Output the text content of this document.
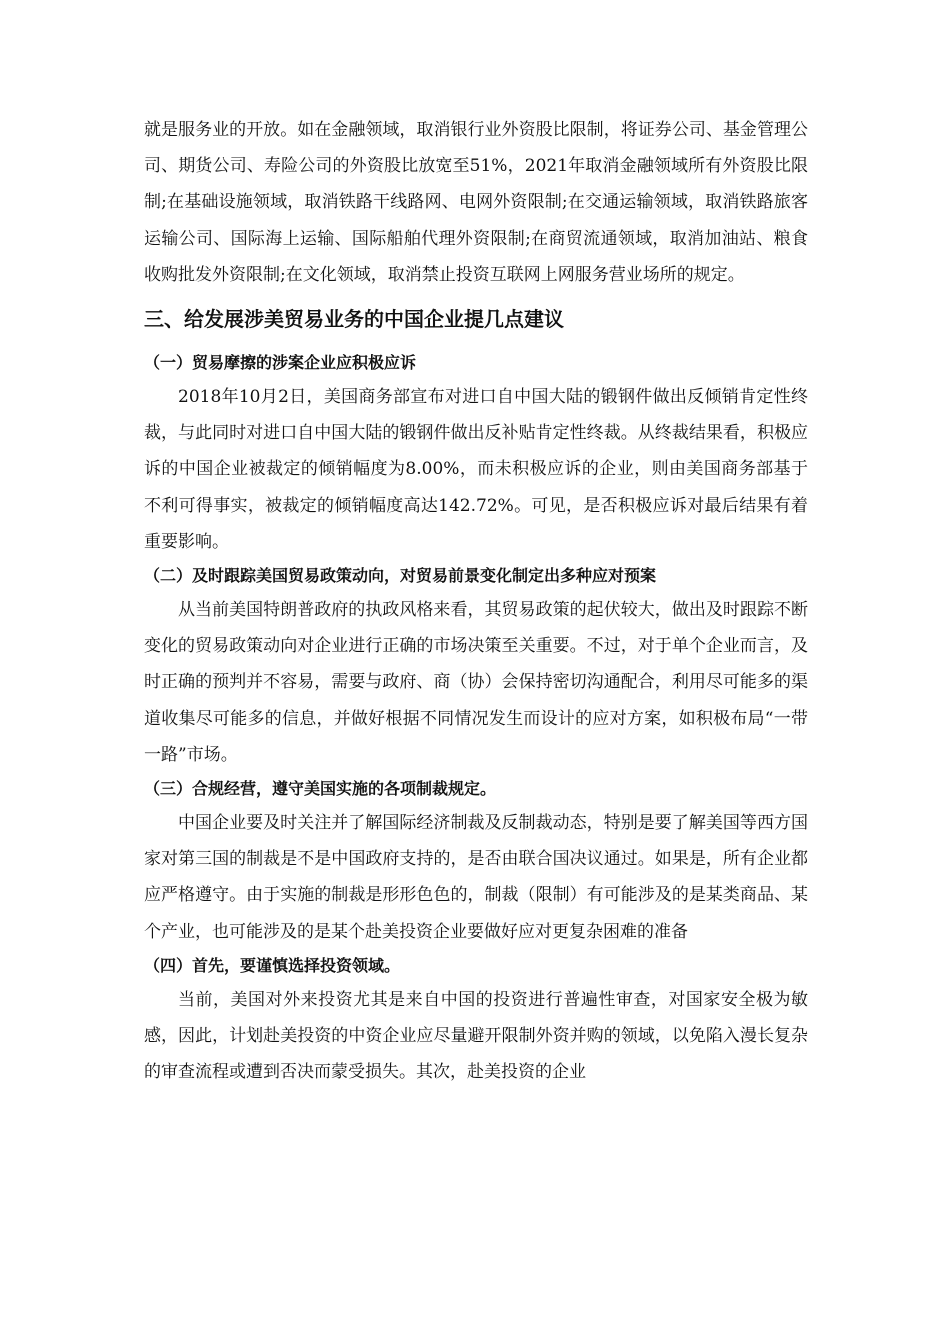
就是服务业的开放。如在金融领域，取消银行业外资股比限制，将证券公司、基金管理公司、期货公司、寿险公司的外资股比放宽至51%，2021年取消金融领域所有外资股比限制;在基础设施领域，取消铁路干线路网、电网外资限制;在交通运输领域，取消铁路旅客运输公司、国际海上运输、国际船舶代理外资限制;在商贸流通领域，取消加油站、粮食收购批发外资限制;在文化领域，取消禁止投资互联网上网服务营业场所的规定。

三、给发展涉美贸易业务的中国企业提几点建议

（一）贸易摩擦的涉案企业应积极应诉

2018年10月2日，美国商务部宣布对进口自中国大陆的锻钢件做出反倾销肯定性终裁，与此同时对进口自中国大陆的锻钢件做出反补贴肯定性终裁。从终裁结果看，积极应诉的中国企业被裁定的倾销幅度为8.00%，而未积极应诉的企业，则由美国商务部基于不利可得事实，被裁定的倾销幅度高达142.72%。可见，是否积极应诉对最后结果有着重要影响。

（二）及时跟踪美国贸易政策动向，对贸易前景变化制定出多种应对预案

从当前美国特朗普政府的执政风格来看，其贸易政策的起伏较大，做出及时跟踪不断变化的贸易政策动向对企业进行正确的市场决策至关重要。不过，对于单个企业而言，及时正确的预判并不容易，需要与政府、商（协）会保持密切沟通配合，利用尽可能多的渠道收集尽可能多的信息，并做好根据不同情况发生而设计的应对方案，如积极布局“一带一路”市场。

（三）合规经营，遵守美国实施的各项制裁规定。

中国企业要及时关注并了解国际经济制裁及反制裁动态，特别是要了解美国等西方国家对第三国的制裁是不是中国政府支持的，是否由联合国决议通过。如果是，所有企业都应严格遵守。由于实施的制裁是形形色色的，制裁（限制）有可能涉及的是某类商品、某个产业，也可能涉及的是某个赴美投资企业要做好应对更复杂困难的准备

（四）首先，要谨慎选择投资领域。

当前，美国对外来投资尤其是来自中国的投资进行普遍性审查，对国家安全极为敏感，因此，计划赴美投资的中资企业应尽量避开限制外资并购的领域，以免陷入漫长复杂的审查流程或遭到否决而蒙受损失。其次，赴美投资的企业
